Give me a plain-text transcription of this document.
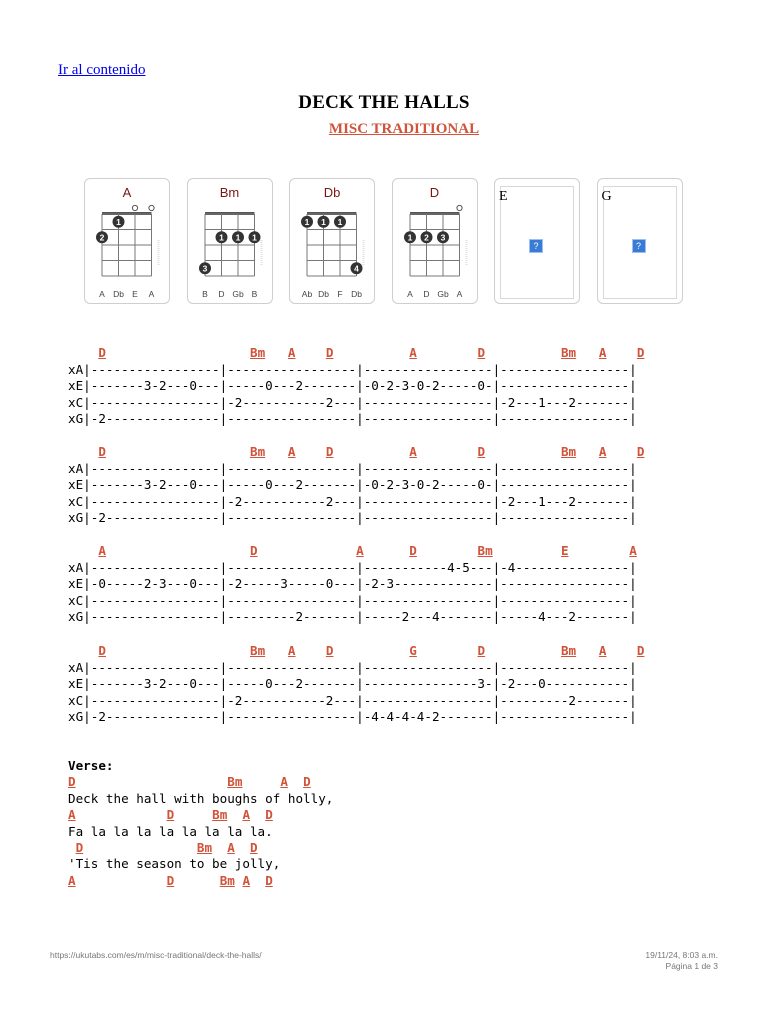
Ir al contenido
DECK THE HALLS
MISC TRADITIONAL
A
1
2
A Db E A
Bm
1 1 1
3
B D Gb B
Db
1 1 1
4
Ab Db F Db
D
1 2 3
A D Gb A
E
?
G
?
D	Bm A D	A	D	Bm A D
xA|-----------------|-----------------|-----------------|-----------------|
xE|-------3-2---0---|-----0---2-------|-0-2-3-0-2-----0-|-----------------|
xC|-----------------|-2-----------2---|-----------------|-2---1---2-------|
xG|-2---------------|-----------------|-----------------|-----------------|
D	Bm A D	A	D	Bm A D
xA|-----------------|-----------------|-----------------|-----------------|
xE|-------3-2---0---|-----0---2-------|-0-2-3-0-2-----0-|-----------------|
xC|-----------------|-2-----------2---|-----------------|-2---1---2-------|
xG|-2---------------|-----------------|-----------------|-----------------|
A	D	A	D	Bm	E	A
xA|-----------------|-----------------|-----------4-5---|-4---------------|
xE|-0-----2-3---0---|-2-----3-----0---|-2-3-------------|-----------------|
xC|-----------------|-----------------|-----------------|-----------------|
xG|-----------------|---------2-------|-----2---4-------|-----4---2-------|
D	Bm A D	G	D	Bm A D
xA|-----------------|-----------------|-----------------|-----------------|
xE|-------3-2---0---|-----0---2-------|---------------3-|-2---0-----------|
xC|-----------------|-2-----------2---|-----------------|---------2-------|
xG|-2---------------|-----------------|-4-4-4-4-2-------|-----------------|
Verse:
D	Bm	A D
Deck the hall with boughs of holly,
A	D	Bm A D
Fa la la la la la la la la.
D	Bm A D
'Tis the season to be jolly,
A	D	Bm A D
https://ukutabs.com/es/m/misc-traditional/deck-the-halls/	19/11/24, 8:03 a.m.
Página 1 de 3
